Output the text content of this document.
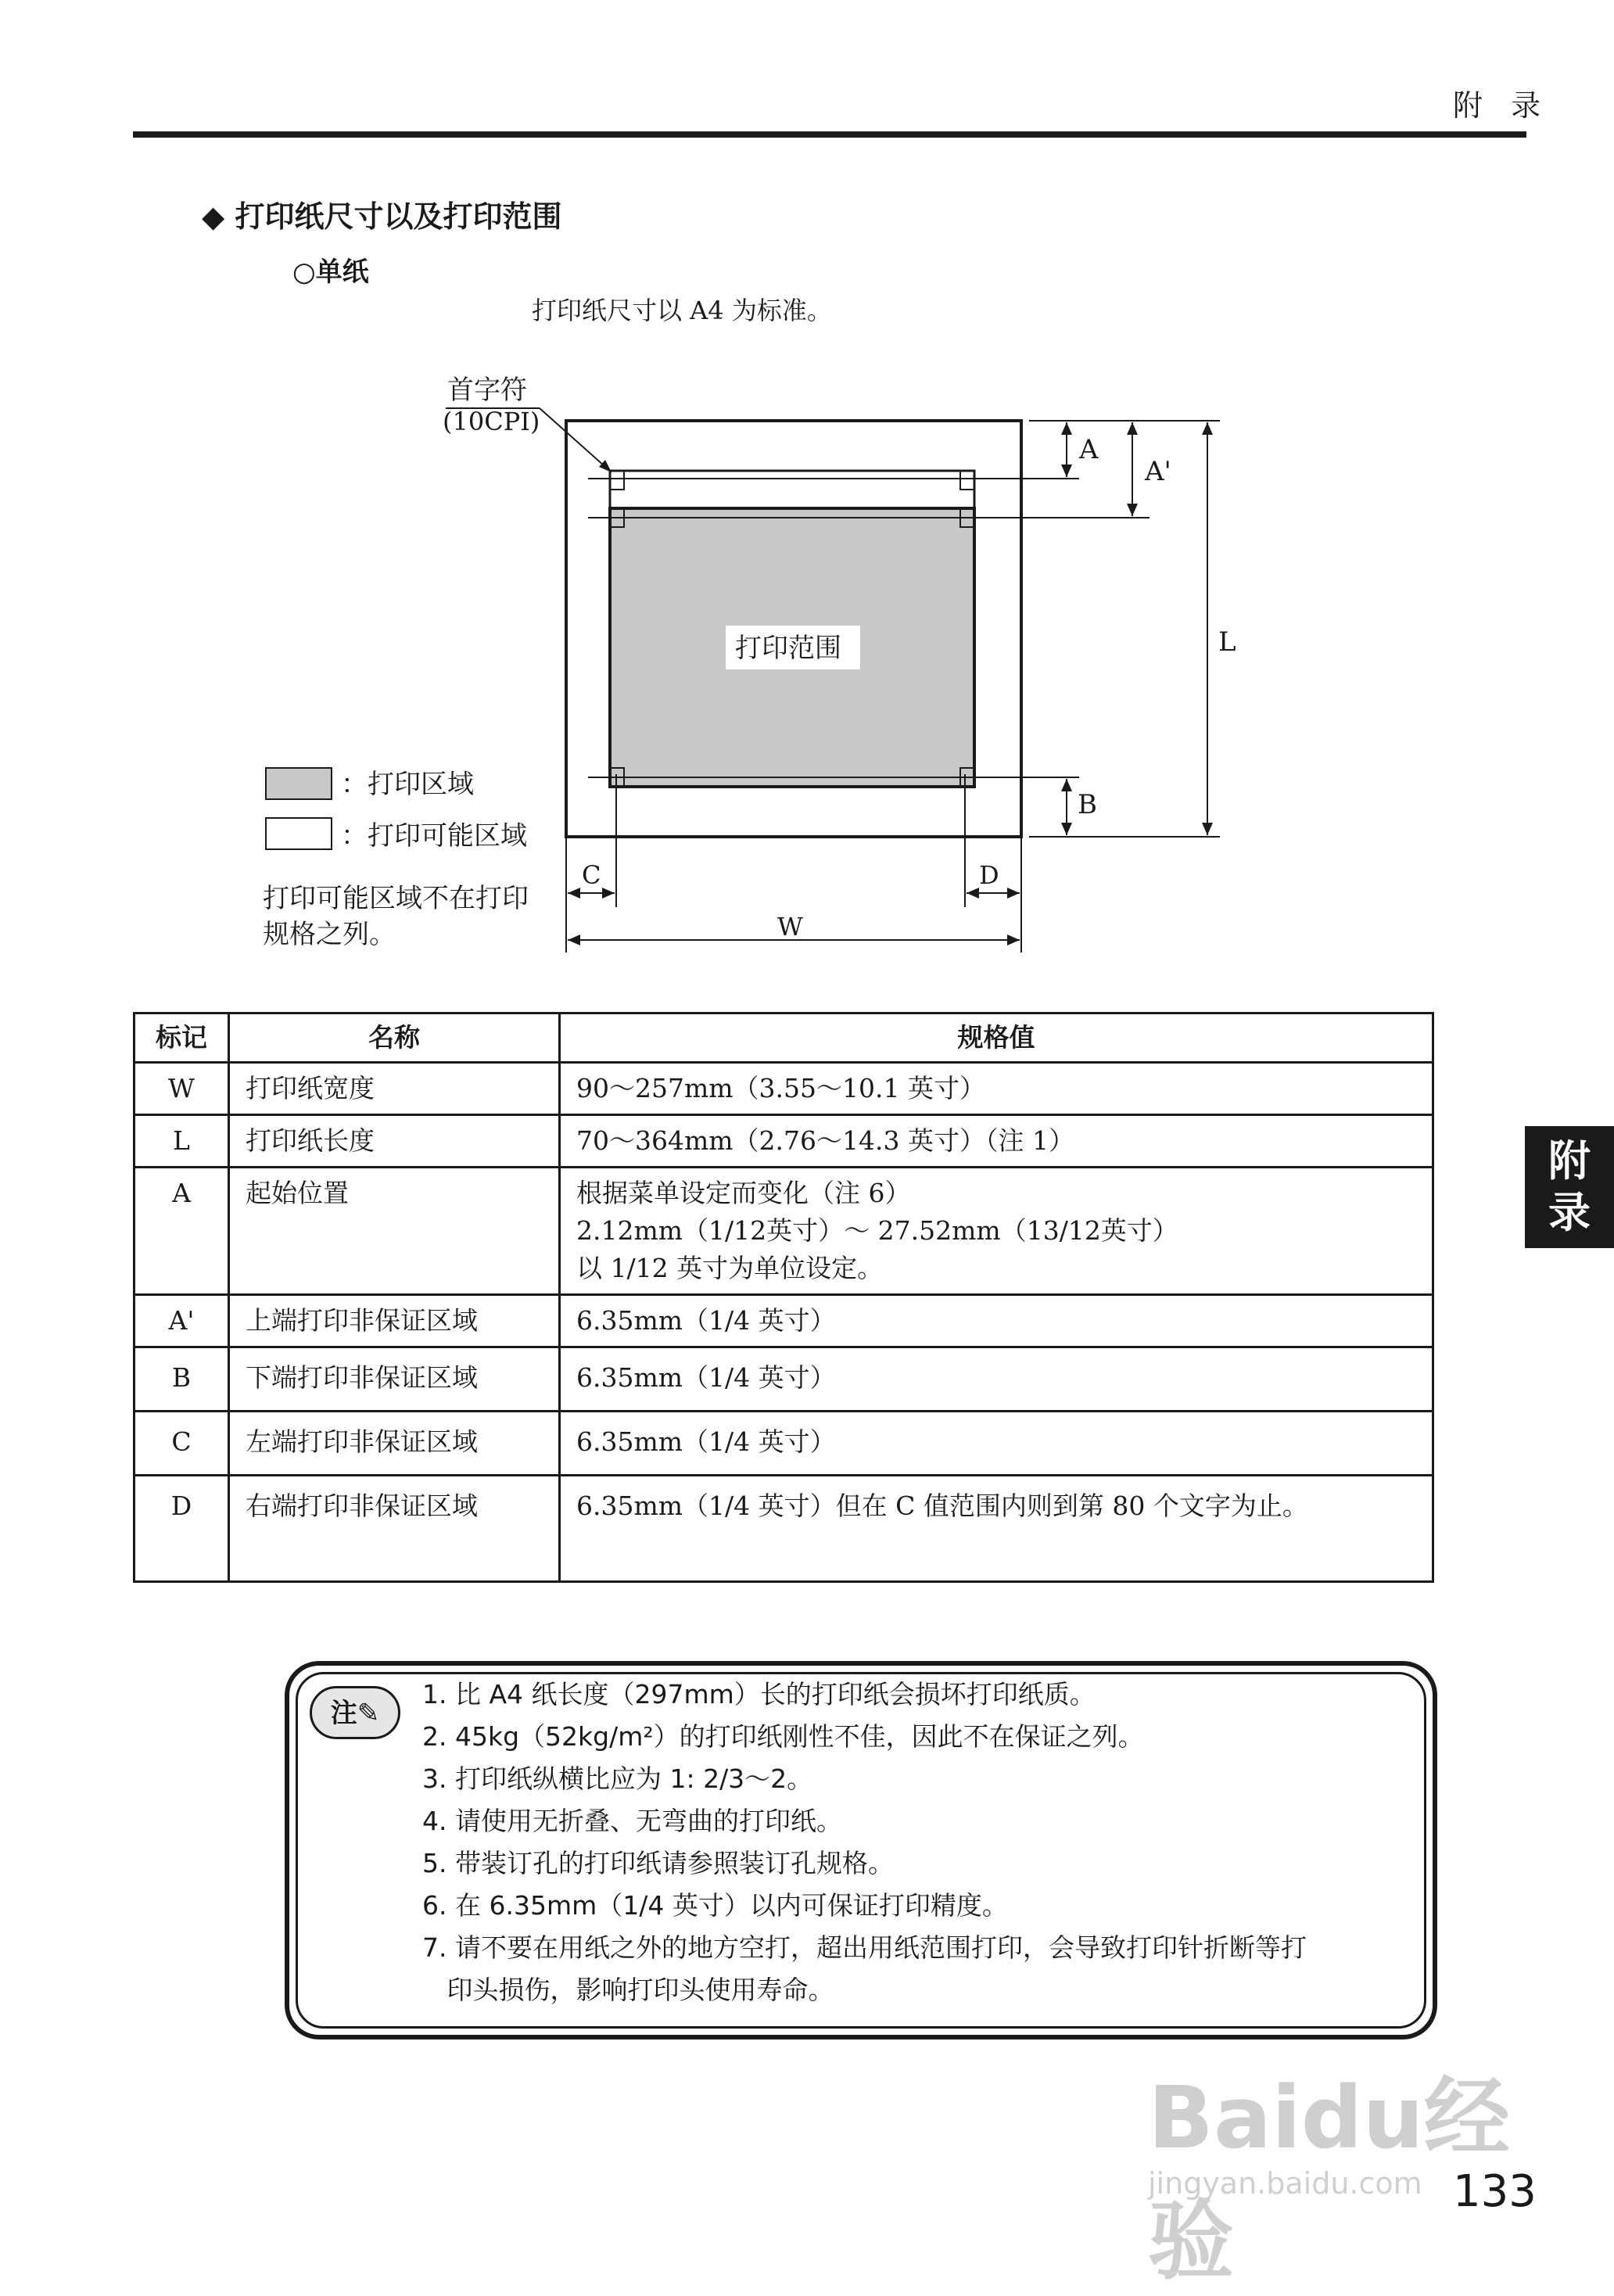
附 录
◆ 打印纸尺寸以及打印范围
○单纸
打印纸尺寸以 A4 为标准。
首字符
(10CPI)
打印范围
A
A'
L
B
C	D
W
：打印区域
：打印可能区域
打印可能区域不在打印
规格之列。
标记	名称	规格值
W	打印纸宽度	90～257mm（3.55～10.1 英寸）
L	打印纸长度	70～364mm（2.76～14.3 英寸）（注 1）
A	起始位置	根据菜单设定而变化（注 6）
2.12mm（1/12英寸）～ 27.52mm（13/12英寸）
以 1/12 英寸为单位设定。

A'	上端打印非保证区域	6.35mm（1/4 英寸）
B	下端打印非保证区域	6.35mm（1/4 英寸）
C	左端打印非保证区域	6.35mm（1/4 英寸）
D	右端打印非保证区域	6.35mm（1/4 英寸）但在 C 值范围内则到第 80 个文字为止。
附
录
注✎
1. 比 A4 纸长度（297mm）长的打印纸会损坏打印纸质。
2. 45kg（52kg/m²）的打印纸刚性不佳，因此不在保证之列。
3. 打印纸纵横比应为 1: 2/3～2。
4. 请使用无折叠、无弯曲的打印纸。
5. 带装订孔的打印纸请参照装订孔规格。
6. 在 6.35mm（1/4 英寸）以内可保证打印精度。
7. 请不要在用纸之外的地方空打，超出用纸范围打印，会导致打印针折断等打
印头损伤，影响打印头使用寿命。
Baidu经验
jingyan.baidu.com 133
